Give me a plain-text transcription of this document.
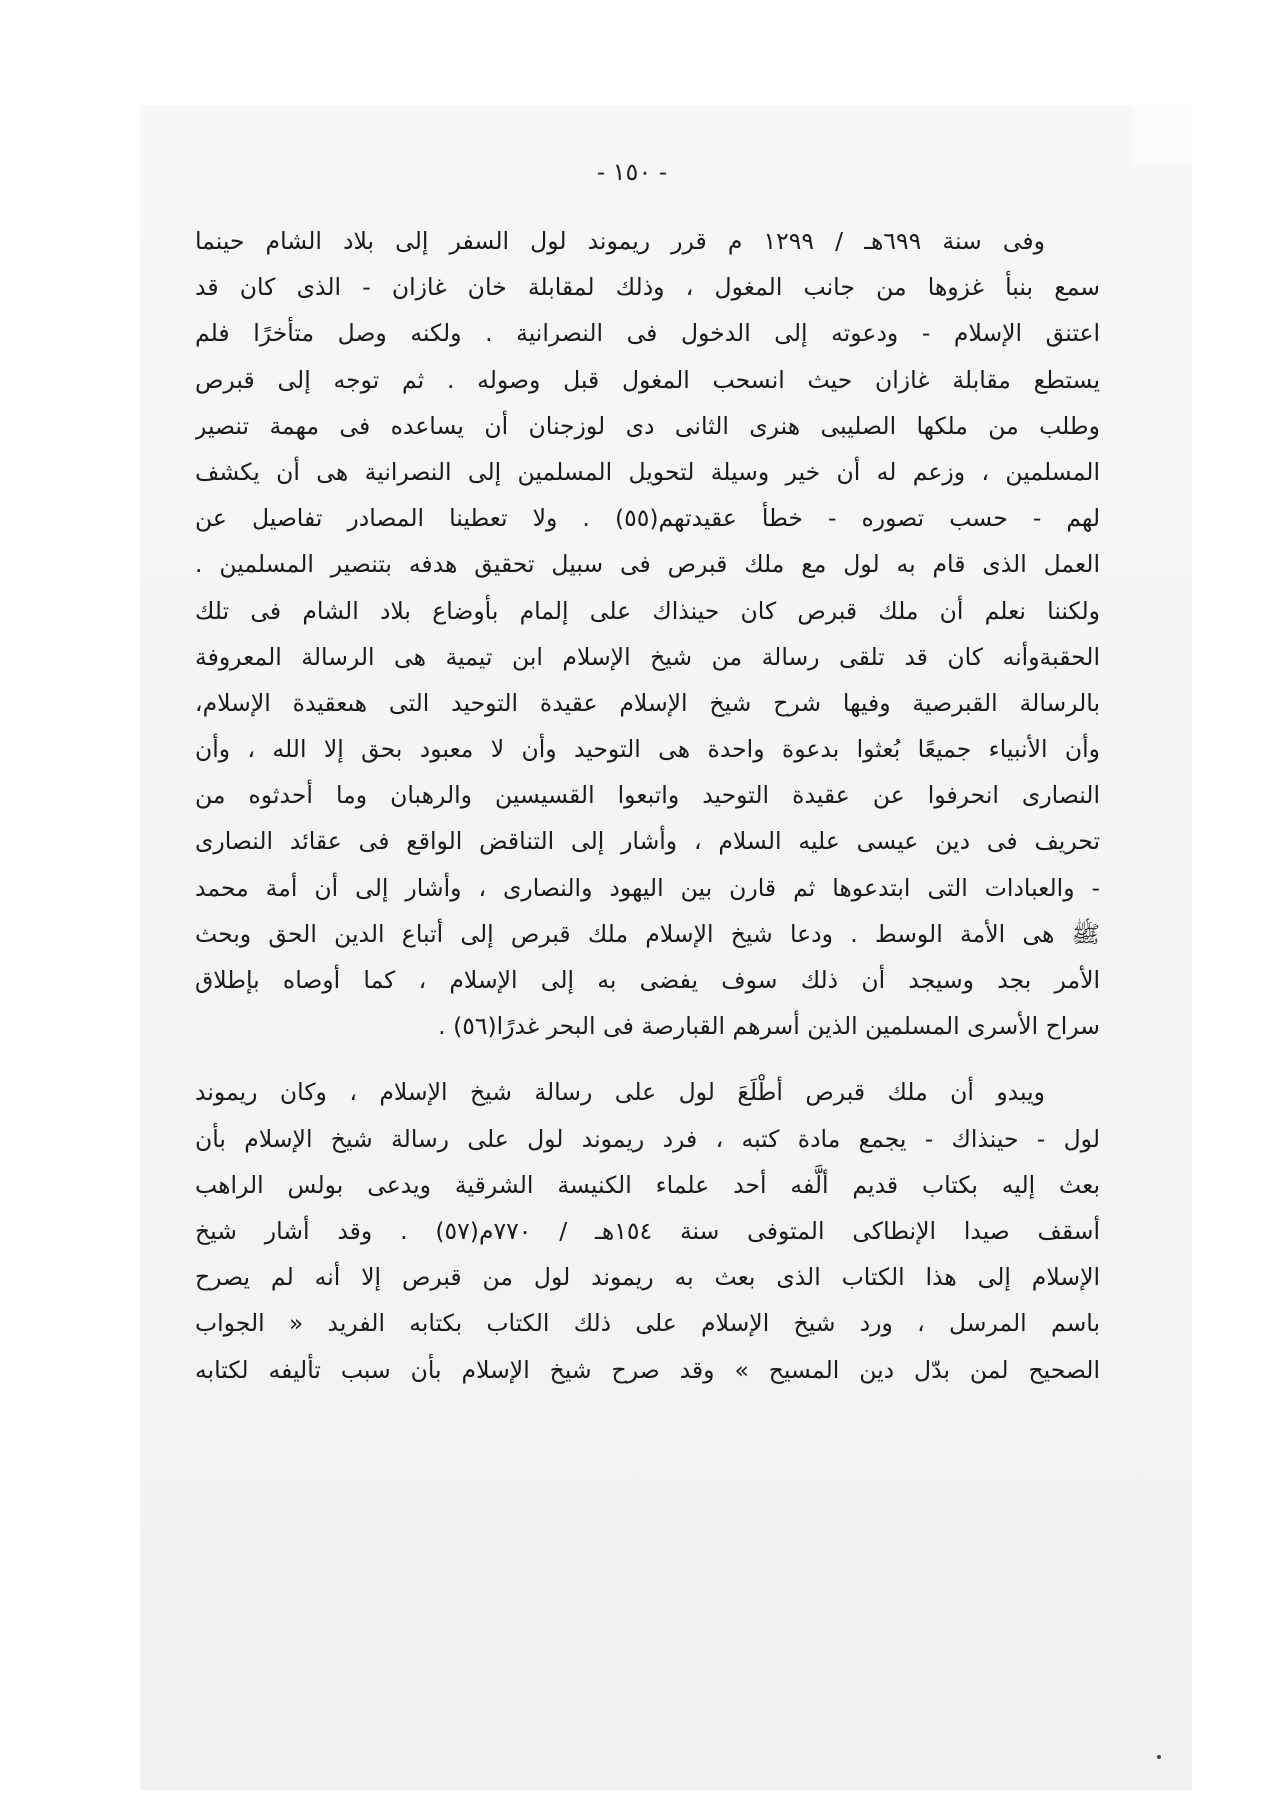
- ١٥٠ -
وفى سنة ٦٩٩هـ / ١٢٩٩ م قرر ريموند لول السفر إلى بلاد الشام حينما
سمع بنبأ غزوها من جانب المغول ، وذلك لمقابلة خان غازان - الذى كان قد
اعتنق الإسلام - ودعوته إلى الدخول فى النصرانية . ولكنه وصل متأخرًا فلم
يستطع مقابلة غازان حيث انسحب المغول قبل وصوله . ثم توجه إلى قبرص
وطلب من ملكها الصليبى هنرى الثانى دى لوزجنان أن يساعده فى مهمة تنصير
المسلمين ، وزعم له أن خير وسيلة لتحويل المسلمين إلى النصرانية هى أن يكشف
لهم - حسب تصوره - خطأ عقيدتهم(٥٥) . ولا تعطينا المصادر تفاصيل عن
العمل الذى قام به لول مع ملك قبرص فى سبيل تحقيق هدفه بتنصير المسلمين .
ولكننا نعلم أن ملك قبرص كان حينذاك على إلمام بأوضاع بلاد الشام فى تلك
الحقبةوأنه كان قد تلقى رسالة من شيخ الإسلام ابن تيمية هى الرسالة المعروفة
بالرسالة القبرصية وفيها شرح شيخ الإسلام عقيدة التوحيد التى هىعقيدة الإسلام،
وأن الأنبياء جميعًا بُعثوا بدعوة واحدة هى التوحيد وأن لا معبود بحق إلا الله ، وأن
النصارى انحرفوا عن عقيدة التوحيد واتبعوا القسيسين والرهبان وما أحدثوه من
تحريف فى دين عيسى عليه السلام ، وأشار إلى التناقض الواقع فى عقائد النصارى
- والعبادات التى ابتدعوها ثم قارن بين اليهود والنصارى ، وأشار إلى أن أمة محمد
ﷺ هى الأمة الوسط . ودعا شيخ الإسلام ملك قبرص إلى أتباع الدين الحق وبحث
الأمر بجد وسيجد أن ذلك سوف يفضى به إلى الإسلام ، كما أوصاه بإطلاق
سراح الأسرى المسلمين الذين أسرهم القبارصة فى البحر غدرًا(٥٦) .
ويبدو أن ملك قبرص أطْلَعَ لول على رسالة شيخ الإسلام ، وكان ريموند
لول - حينذاك - يجمع مادة كتبه ، فرد ريموند لول على رسالة شيخ الإسلام بأن
بعث إليه بكتاب قديم ألَّفه أحد علماء الكنيسة الشرقية ويدعى بولس الراهب
أسقف صيدا الإنطاكى المتوفى سنة ١٥٤هـ / ٧٧٠م(٥٧) . وقد أشار شيخ
الإسلام إلى هذا الكتاب الذى بعث به ريموند لول من قبرص إلا أنه لم يصرح
باسم المرسل ، ورد شيخ الإسلام على ذلك الكتاب بكتابه الفريد « الجواب
الصحيح لمن بدّل دين المسيح » وقد صرح شيخ الإسلام بأن سبب تأليفه لكتابه
